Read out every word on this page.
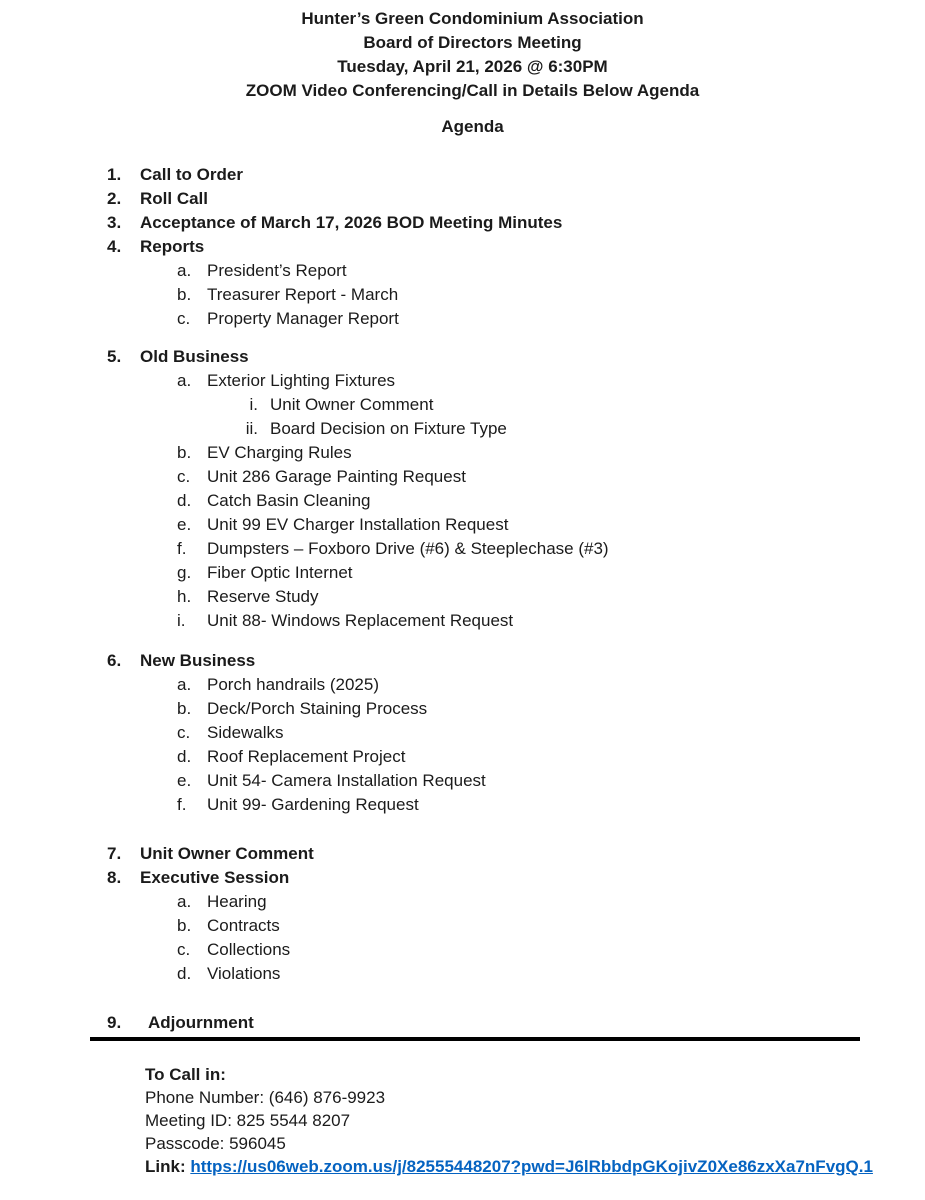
Hunter’s Green Condominium Association
Board of Directors Meeting
Tuesday, April 21, 2026 @ 6:30PM
ZOOM Video Conferencing/Call in Details Below Agenda
Agenda
1.	Call to Order
2.	Roll Call
3.	Acceptance of March 17, 2026 BOD Meeting Minutes
4.	Reports
a. President’s Report
b. Treasurer Report - March
c. Property Manager Report
5.	Old Business
a. Exterior Lighting Fixtures
i. Unit Owner Comment
ii. Board Decision on Fixture Type
b. EV Charging Rules
c. Unit 286 Garage Painting Request
d. Catch Basin Cleaning
e. Unit 99 EV Charger Installation Request
f.	Dumpsters – Foxboro Drive (#6) & Steeplechase (#3)
g. Fiber Optic Internet
h. Reserve Study
i.	Unit 88- Windows Replacement Request
6.	New Business
a. Porch handrails (2025)
b. Deck/Porch Staining Process
c. Sidewalks
d. Roof Replacement Project
e. Unit 54- Camera Installation Request
f.	Unit 99- Gardening Request
7.	Unit Owner Comment
8.	Executive Session
a. Hearing
b. Contracts
c. Collections
d. Violations
9.	Adjournment
To Call in:
Phone Number: (646) 876-9923
Meeting ID: 825 5544 8207
Passcode: 596045
Link: https://us06web.zoom.us/j/82555448207?pwd=J6lRbbdpGKojivZ0Xe86zxXa7nFvgQ.1
